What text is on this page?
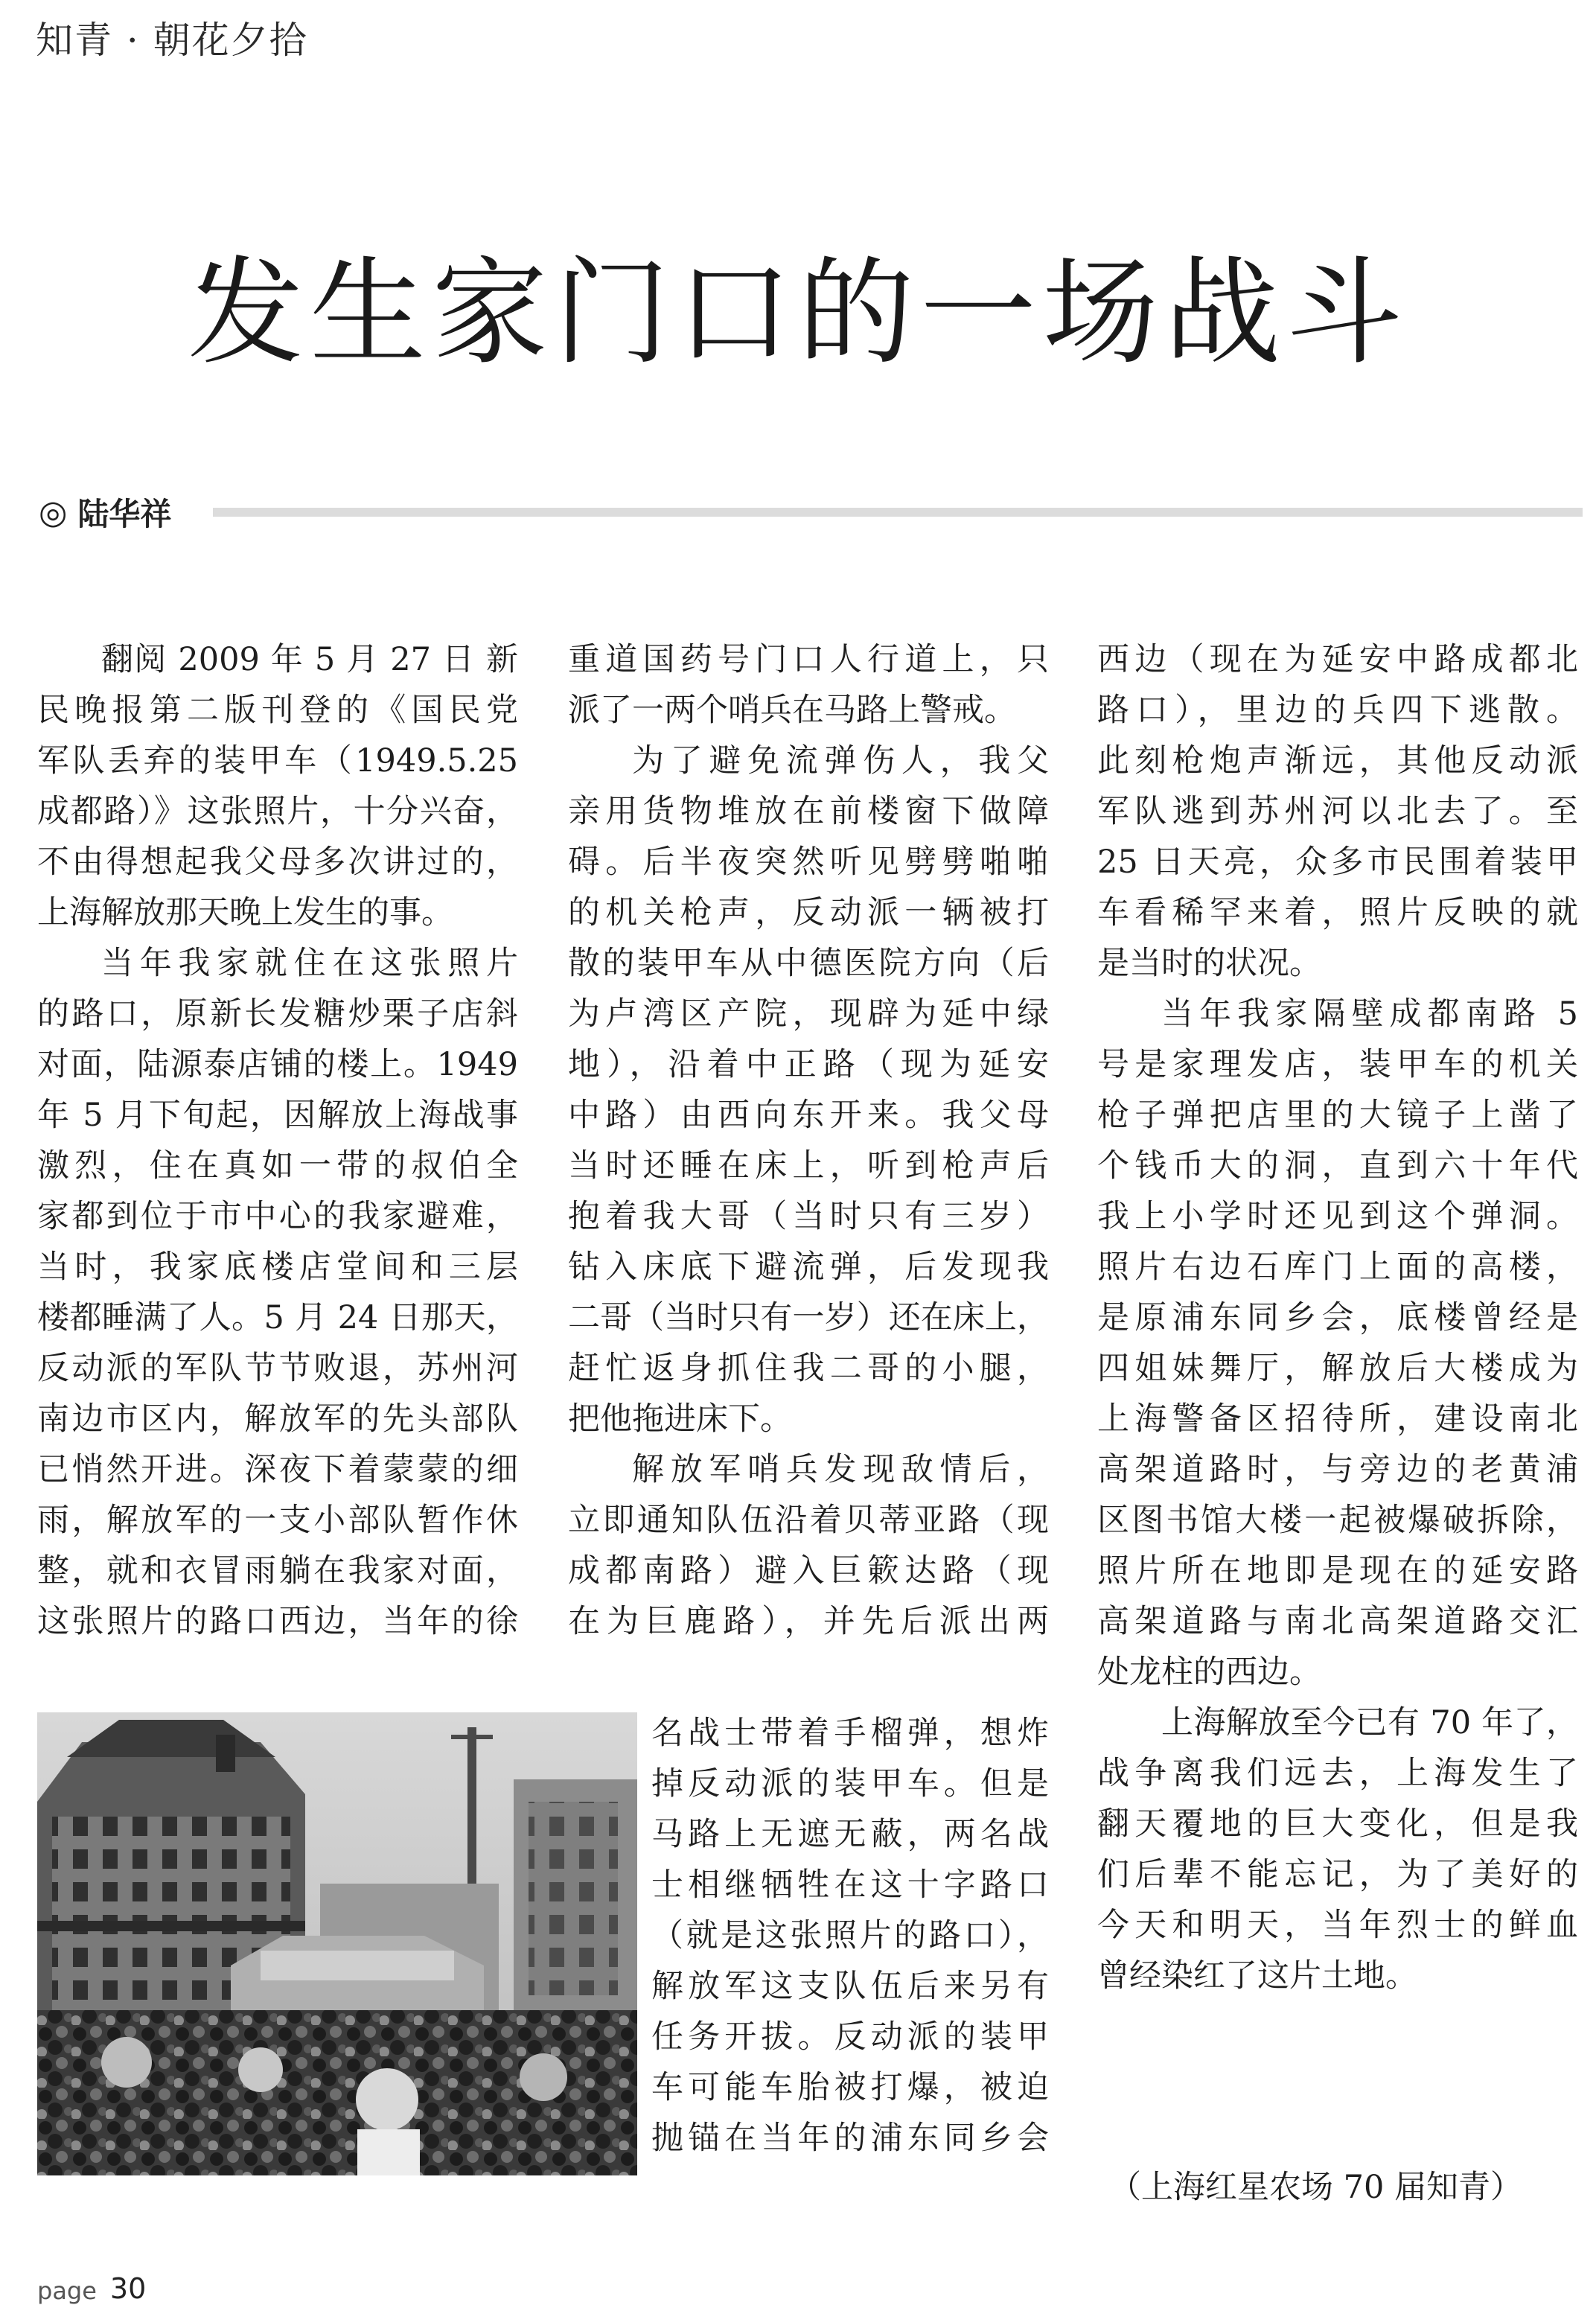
知青 · 朝花夕拾
发生家门口的一场战斗
◎ 陆华祥

翻阅 2009 年 5 月 27 日 新

民晚报第二版刊登的《国民党

军队丢弃的装甲车（1949.5.25

成都路）》这张照片，十分兴奋，

不由得想起我父母多次讲过的，

上海解放那天晚上发生的事。

当年我家就住在这张照片

的路口，原新长发糖炒栗子店斜

对面，陆源泰店铺的楼上。1949

年 5 月下旬起，因解放上海战事

激烈，住在真如一带的叔伯全

家都到位于市中心的我家避难，

当时，我家底楼店堂间和三层

楼都睡满了人。5 月 24 日那天，

反动派的军队节节败退，苏州河

南边市区内，解放军的先头部队

已悄然开进。深夜下着蒙蒙的细

雨，解放军的一支小部队暂作休

整，就和衣冒雨躺在我家对面，

这张照片的路口西边，当年的徐

重道国药号门口人行道上，只

派了一两个哨兵在马路上警戒。

为了避免流弹伤人，我父

亲用货物堆放在前楼窗下做障

碍。后半夜突然听见劈劈啪啪

的机关枪声，反动派一辆被打

散的装甲车从中德医院方向（后

为卢湾区产院，现辟为延中绿

地），沿着中正路（现为延安

中路）由西向东开来。我父母

当时还睡在床上，听到枪声后

抱着我大哥（当时只有三岁）

钻入床底下避流弹，后发现我

二哥（当时只有一岁）还在床上，

赶忙返身抓住我二哥的小腿，

把他拖进床下。

解放军哨兵发现敌情后，

立即通知队伍沿着贝蒂亚路（现

成都南路）避入巨簌达路（现

在为巨鹿路），并先后派出两

名战士带着手榴弹，想炸

掉反动派的装甲车。但是

马路上无遮无蔽，两名战

士相继牺牲在这十字路口

（就是这张照片的路口），

解放军这支队伍后来另有

任务开拔。反动派的装甲

车可能车胎被打爆，被迫

抛锚在当年的浦东同乡会

西边（现在为延安中路成都北

路口），里边的兵四下逃散。

此刻枪炮声渐远，其他反动派

军队逃到苏州河以北去了。至

25 日天亮，众多市民围着装甲

车看稀罕来着，照片反映的就

是当时的状况。

当年我家隔壁成都南路 5

号是家理发店，装甲车的机关

枪子弹把店里的大镜子上凿了

个钱币大的洞，直到六十年代

我上小学时还见到这个弹洞。

照片右边石库门上面的高楼，

是原浦东同乡会，底楼曾经是

四姐妹舞厅，解放后大楼成为

上海警备区招待所，建设南北

高架道路时，与旁边的老黄浦

区图书馆大楼一起被爆破拆除，

照片所在地即是现在的延安路

高架道路与南北高架道路交汇

处龙柱的西边。

上海解放至今已有 70 年了，

战争离我们远去，上海发生了

翻天覆地的巨大变化，但是我

们后辈不能忘记，为了美好的

今天和明天，当年烈士的鲜血

曾经染红了这片土地。

（上海红星农场 70 届知青）

page 30
